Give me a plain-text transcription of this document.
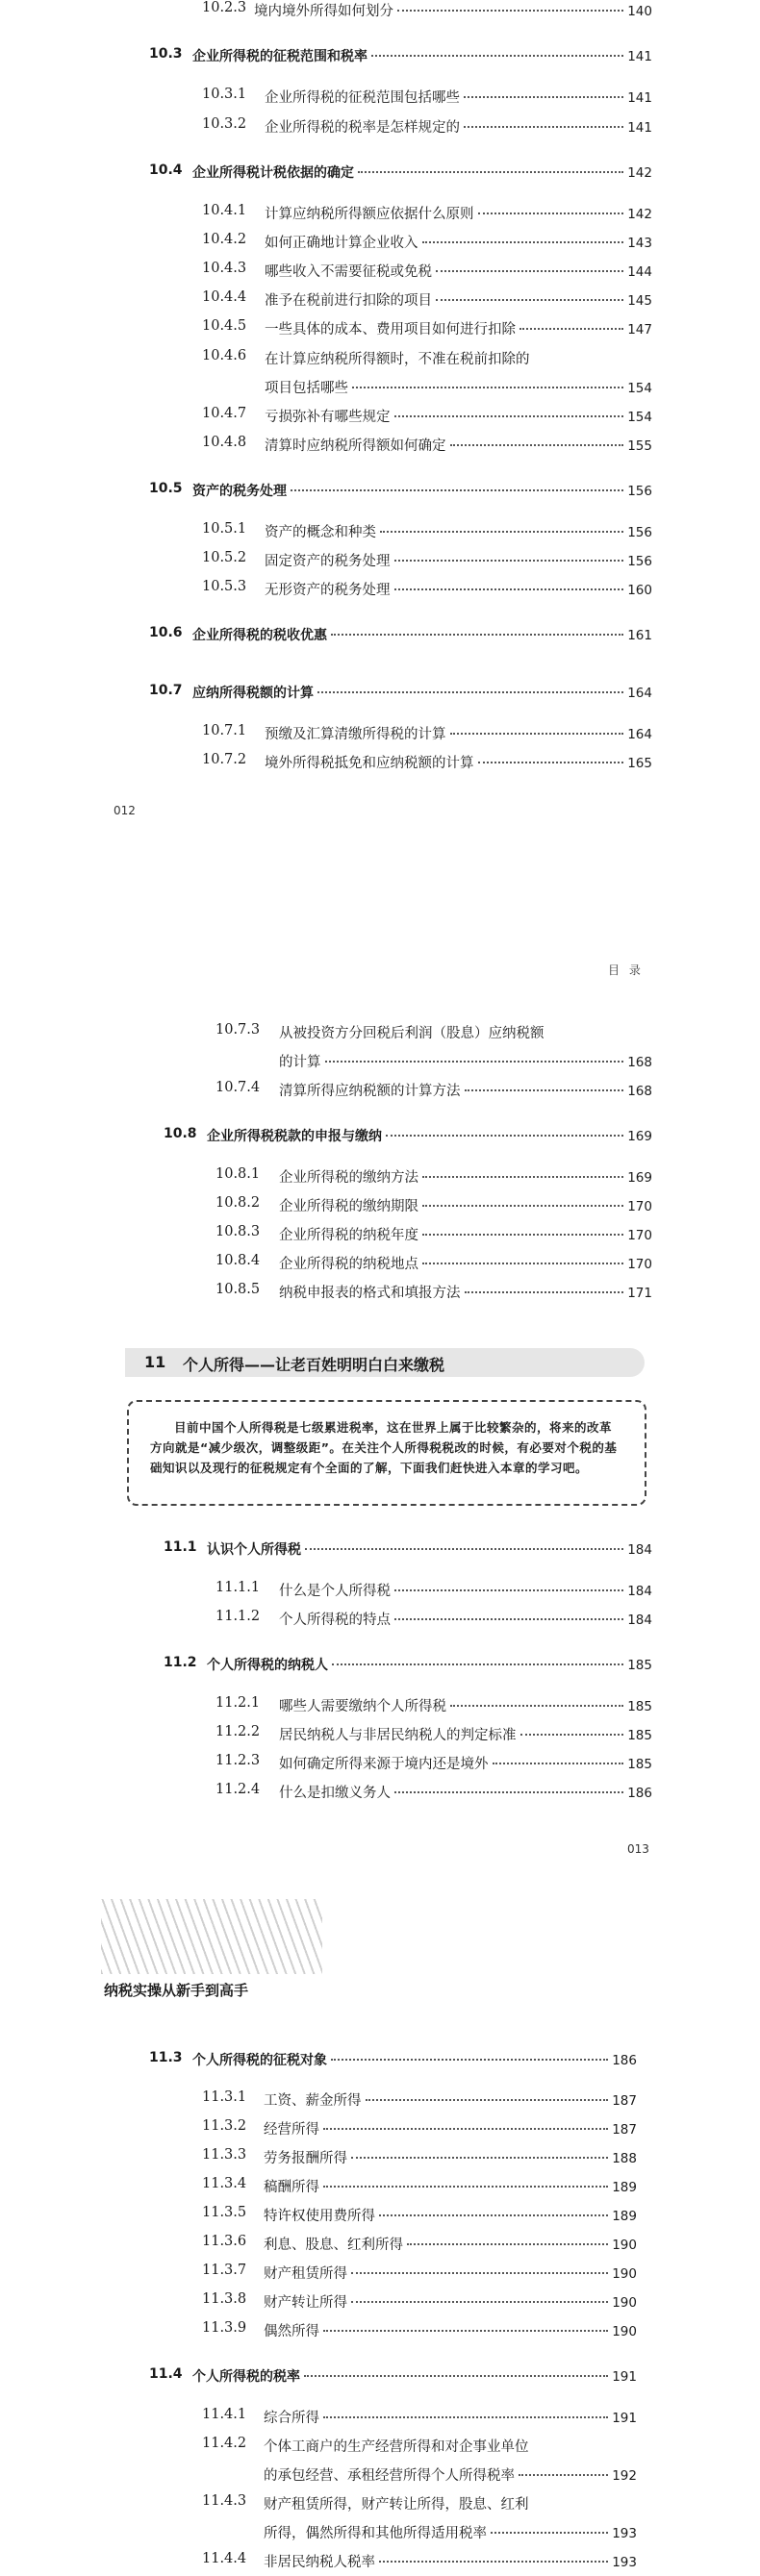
10.2.3 境内境外所得如何划分	140
10.3 企业所得税的征税范围和税率	141
10.3.1 企业所得税的征税范围包括哪些	141
10.3.2 企业所得税的税率是怎样规定的	141
10.4 企业所得税计税依据的确定	142
10.4.1 计算应纳税所得额应依据什么原则	142
10.4.2 如何正确地计算企业收入	143
10.4.3 哪些收入不需要征税或免税	144
10.4.4 准予在税前进行扣除的项目	145
10.4.5 一些具体的成本、费用项目如何进行扣除	147
10.4.6 在计算应纳税所得额时，不准在税前扣除的
项目包括哪些	154
10.4.7 亏损弥补有哪些规定	154
10.4.8 清算时应纳税所得额如何确定	155
10.5 资产的税务处理	156
10.5.1 资产的概念和种类	156
10.5.2 固定资产的税务处理	156
10.5.3 无形资产的税务处理	160
10.6 企业所得税的税收优惠	161
10.7 应纳所得税额的计算	164
10.7.1 预缴及汇算清缴所得税的计算	164
10.7.2 境外所得税抵免和应纳税额的计算	165
012
目 录
10.7.3 从被投资方分回税后利润（股息）应纳税额
的计算	168
10.7.4 清算所得应纳税额的计算方法	168
10.8 企业所得税税款的申报与缴纳	169
10.8.1 企业所得税的缴纳方法	169
10.8.2 企业所得税的缴纳期限	170
10.8.3 企业所得税的纳税年度	170
10.8.4 企业所得税的纳税地点	170
10.8.5 纳税申报表的格式和填报方法	171
11 个人所得——让老百姓明明白白来缴税
目前中国个人所得税是七级累进税率，这在世界上属于比较繁杂的，将来的改革方向就是“减少级次，调整级距”。在关注个人所得税税改的时候，有必要对个税的基础知识以及现行的征税规定有个全面的了解，下面我们赶快进入本章的学习吧。
11.1 认识个人所得税	184
11.1.1 什么是个人所得税	184
11.1.2 个人所得税的特点	184
11.2 个人所得税的纳税人	185
11.2.1 哪些人需要缴纳个人所得税	185
11.2.2 居民纳税人与非居民纳税人的判定标准	185
11.2.3 如何确定所得来源于境内还是境外	185
11.2.4 什么是扣缴义务人	186
013
纳税实操从新手到高手
11.3 个人所得税的征税对象	186
11.3.1 工资、薪金所得	187
11.3.2 经营所得	187
11.3.3 劳务报酬所得	188
11.3.4 稿酬所得	189
11.3.5 特许权使用费所得	189
11.3.6 利息、股息、红利所得	190
11.3.7 财产租赁所得	190
11.3.8 财产转让所得	190
11.3.9 偶然所得	190
11.4 个人所得税的税率	191
11.4.1 综合所得	191
11.4.2 个体工商户的生产经营所得和对企事业单位
的承包经营、承租经营所得个人所得税率	192
11.4.3 财产租赁所得，财产转让所得，股息、红利
所得，偶然所得和其他所得适用税率	193
11.4.4 非居民纳税人税率	193
